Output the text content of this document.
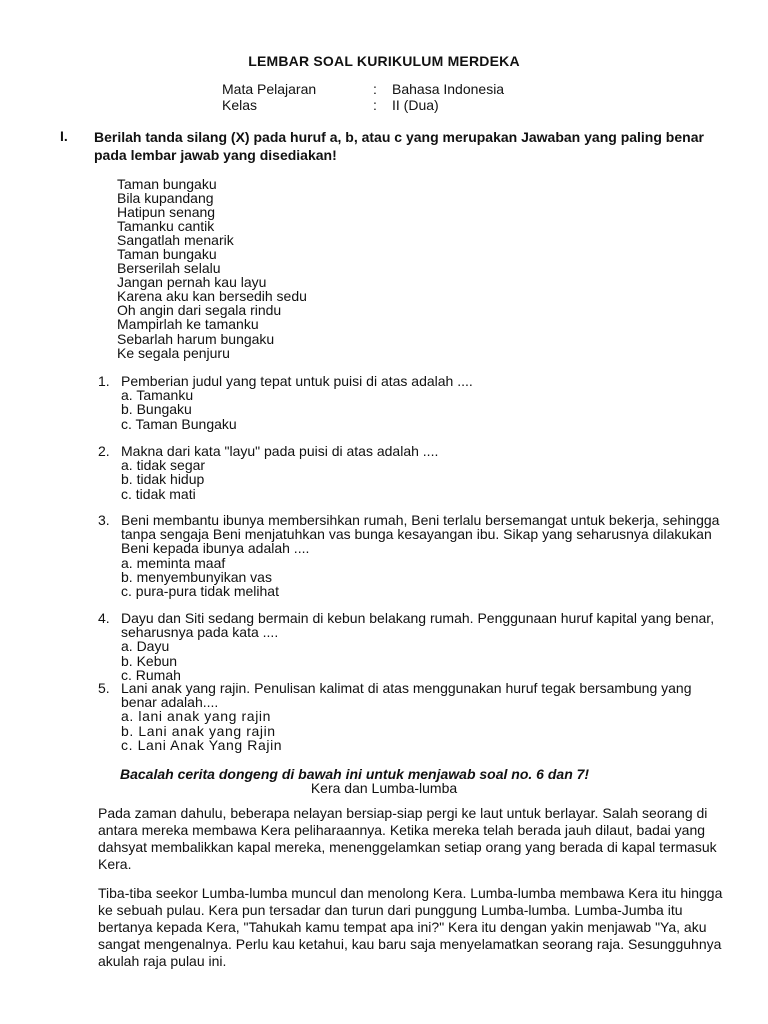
LEMBAR SOAL KURIKULUM MERDEKA
Mata Pelajaran	: Bahasa Indonesia
Kelas	: II (Dua)
I. Berilah tanda silang (X) pada huruf a, b, atau c yang merupakan Jawaban yang paling benar pada lembar jawab yang disediakan!
Taman bungaku
Bila kupandang
Hatipun senang
Tamanku cantik
Sangatlah menarik
Taman bungaku
Berserilah selalu
Jangan pernah kau layu
Karena aku kan bersedih sedu
Oh angin dari segala rindu
Mampirlah ke tamanku
Sebarlah harum bungaku
Ke segala penjuru
1. Pemberian judul yang tepat untuk puisi di atas adalah ....
a. Tamanku
b. Bungaku
c. Taman Bungaku
2. Makna dari kata "layu" pada puisi di atas adalah ....
a. tidak segar
b. tidak hidup
c. tidak mati
3. Beni membantu ibunya membersihkan rumah, Beni terlalu bersemangat untuk bekerja, sehingga tanpa sengaja Beni menjatuhkan vas bunga kesayangan ibu. Sikap yang seharusnya dilakukan Beni kepada ibunya adalah ....
a. meminta maaf
b. menyembunyikan vas
c. pura-pura tidak melihat
4. Dayu dan Siti sedang bermain di kebun belakang rumah. Penggunaan huruf kapital yang benar, seharusnya pada kata ....
a. Dayu
b. Kebun
c. Rumah
5. Lani anak yang rajin. Penulisan kalimat di atas menggunakan huruf tegak bersambung yang benar adalah....
a. lani anak yang rajin
b. Lani anak yang rajin
c. Lani Anak Yang Rajin
Bacalah cerita dongeng di bawah ini untuk menjawab soal no. 6 dan 7!
Kera dan Lumba-lumba
Pada zaman dahulu, beberapa nelayan bersiap-siap pergi ke laut untuk berlayar. Salah seorang di antara mereka membawa Kera peliharaannya. Ketika mereka telah berada jauh dilaut, badai yang dahsyat membalikkan kapal mereka, menenggelamkan setiap orang yang berada di kapal termasuk Kera.
Tiba-tiba seekor Lumba-lumba muncul dan menolong Kera. Lumba-lumba membawa Kera itu hingga ke sebuah pulau. Kera pun tersadar dan turun dari punggung Lumba-lumba. Lumba-Jumba itu bertanya kepada Kera, "Tahukah kamu tempat apa ini?" Kera itu dengan yakin menjawab "Ya, aku sangat mengenalnya. Perlu kau ketahui, kau baru saja menyelamatkan seorang raja. Sesungguhnya akulah raja pulau ini.
